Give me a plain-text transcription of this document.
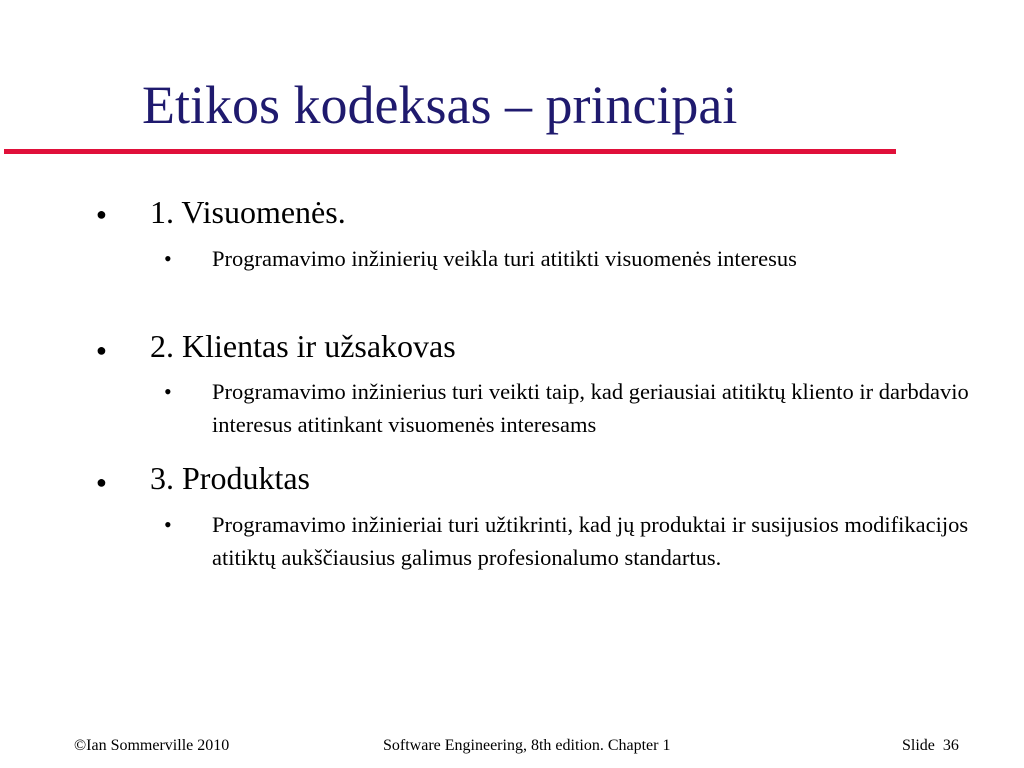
Etikos kodeksas – principai
● 1. Visuomenės.
• Programavimo inžinierių veikla turi atitikti visuomenės interesus
● 2. Klientas ir užsakovas
• Programavimo inžinierius turi veikti taip, kad geriausiai atitiktų kliento ir darbdavio interesus atitinkant visuomenės interesams
● 3. Produktas
• Programavimo inžinieriai turi užtikrinti, kad jų produktai ir susijusios modifikacijos atitiktų aukščiausius galimus profesionalumo standartus.
©Ian Sommerville 2010	Software Engineering, 8th edition. Chapter 1	Slide  36
